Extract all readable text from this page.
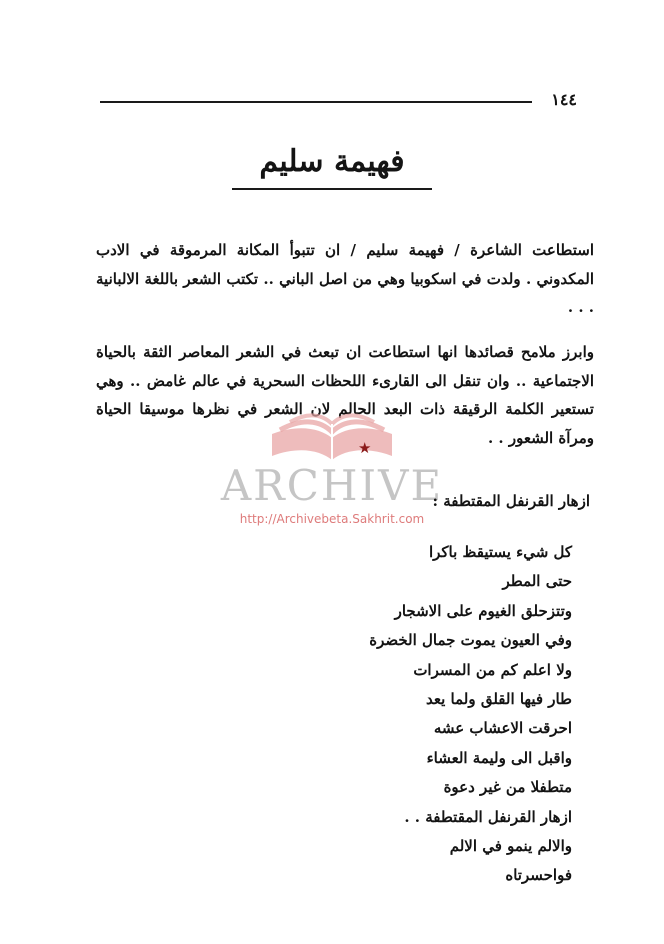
١٤٤
فهيمة سليم
استطاعت الشاعرة / فهيمة سليم / ان تتبوأ المكانة المرموقة في الادب المكدوني . ولدت في اسكوبيا وهي من اصل الباني .. تكتب الشعر باللغة الالبانية . . .
وابرز ملامح قصائدها انها استطاعت ان تبعث في الشعر المعاصر الثقة بالحياة الاجتماعية .. وان تنقل الى القارىء اللحظات السحرية في عالم غامض .. وهي تستعير الكلمة الرقيقة ذات البعد الحالم لان الشعر في نظرها موسيقا الحياة ومرآة الشعور . .
★
ARCHIVE
http://Archivebeta.Sakhrit.com
ازهار القرنفل المقتطفة :
كل شيء يستيقظ باكرا
حتى المطر
وتتزحلق الغيوم على الاشجار
وفي العيون يموت جمال الخضرة
ولا اعلم كم من المسرات
طار فيها القلق ولما يعد
احرقت الاعشاب عشه
واقبل الى وليمة العشاء
متطفلا من غير دعوة
ازهار القرنفل المقتطفة . .
والالم ينمو في الالم
فواحسرتاه
